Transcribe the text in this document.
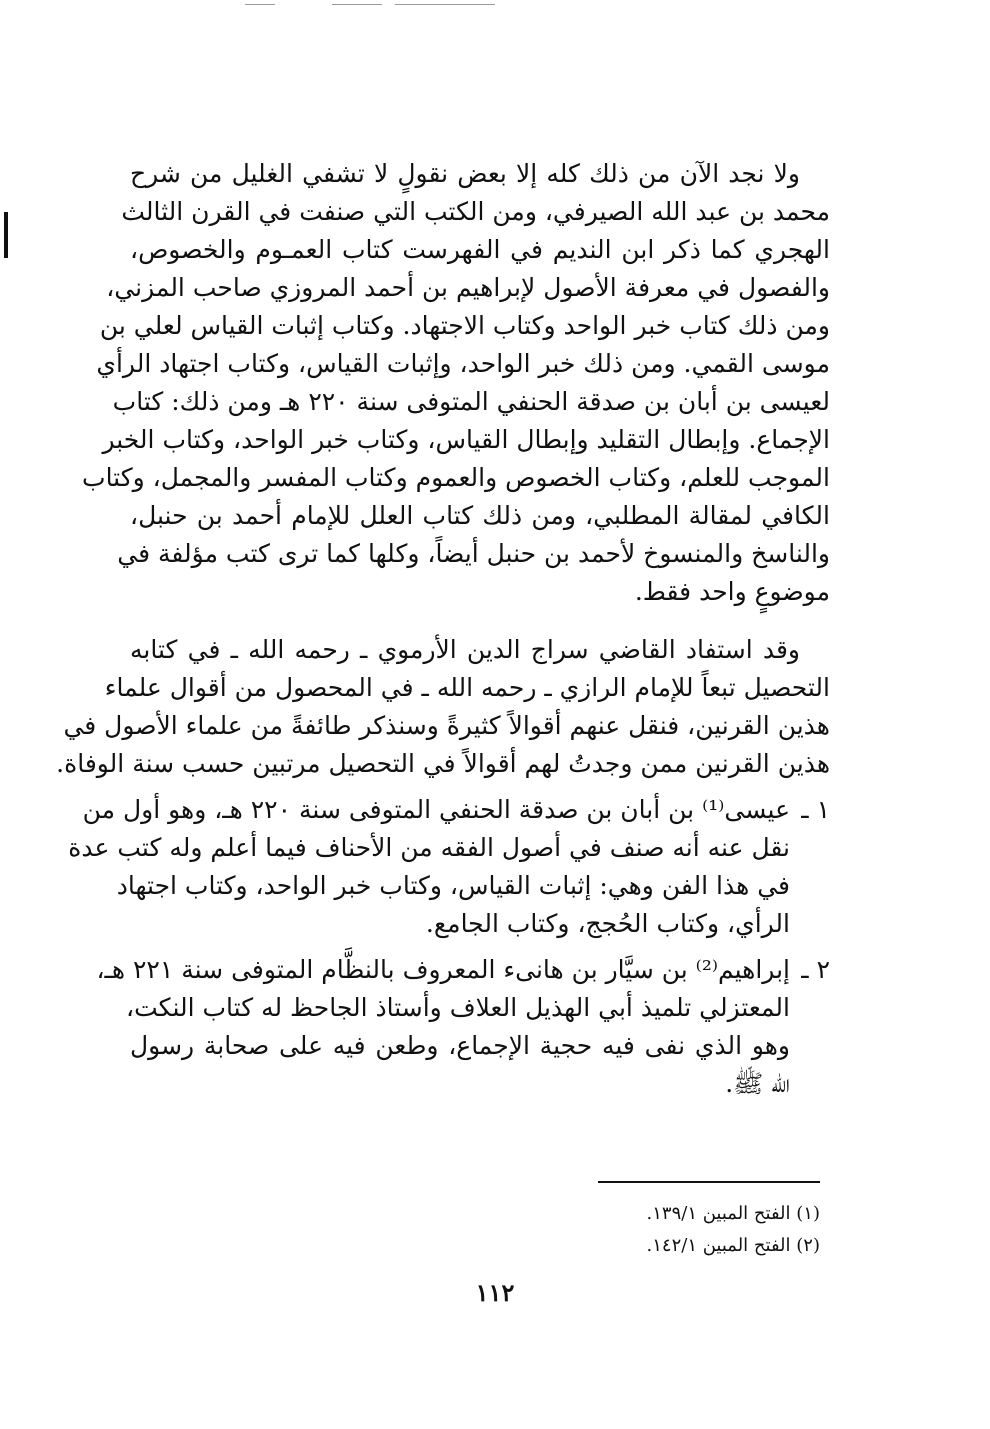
ولا نجد الآن من ذلك كله إلا بعض نقولٍ لا تشفي الغليل من شرح
محمد بن عبد الله الصيرفي، ومن الكتب التي صنفت في القرن الثالث
الهجري كما ذكر ابن النديم في الفهرست كتاب العمـوم والخصوص،
والفصول في معرفة الأصول لإبراهيم بن أحمد المروزي صاحب المزني،
ومن ذلك كتاب خبر الواحد وكتاب الاجتهاد. وكتاب إثبات القياس لعلي بن
موسى القمي. ومن ذلك خبر الواحد، وإثبات القياس، وكتاب اجتهاد الرأي
لعيسى بن أبان بن صدقة الحنفي المتوفى سنة ٢٢٠ هـ ومن ذلك: كتاب
الإجماع. وإبطال التقليد وإبطال القياس، وكتاب خبر الواحد، وكتاب الخبر
الموجب للعلم، وكتاب الخصوص والعموم وكتاب المفسر والمجمل، وكتاب
الكافي لمقالة المطلبي، ومن ذلك كتاب العلل للإمام أحمد بن حنبل،
والناسخ والمنسوخ لأحمد بن حنبل أيضاً، وكلها كما ترى كتب مؤلفة في
موضوعٍ واحد فقط.
وقد استفاد القاضي سراج الدين الأرموي ـ رحمه الله ـ في كتابه
التحصيل تبعاً للإمام الرازي ـ رحمه الله ـ في المحصول من أقوال علماء
هذين القرنين، فنقل عنهم أقوالاً كثيرةً وسنذكر طائفةً من علماء الأصول في
هذين القرنين ممن وجدتُ لهم أقوالاً في التحصيل مرتبين حسب سنة الوفاة.
١ ـ
عيسى⁽¹⁾ بن أبان بن صدقة الحنفي المتوفى سنة ٢٢٠ هـ، وهو أول من
نقل عنه أنه صنف في أصول الفقه من الأحناف فيما أعلم وله كتب عدة
في هذا الفن وهي: إثبات القياس، وكتاب خبر الواحد، وكتاب اجتهاد
الرأي، وكتاب الحُجج، وكتاب الجامع.
٢ ـ
إبراهيم⁽²⁾ بن سيَّار بن هانىء المعروف بالنظَّام المتوفى سنة ٢٢١ هـ،
المعتزلي تلميذ أبي الهذيل العلاف وأستاذ الجاحظ له كتاب النكت،
وهو الذي نفى فيه حجية الإجماع، وطعن فيه على صحابة رسول
الله ﷺ.
(١) الفتح المبين ١٣٩/١.
(٢) الفتح المبين ١٤٢/١.
١١٢
